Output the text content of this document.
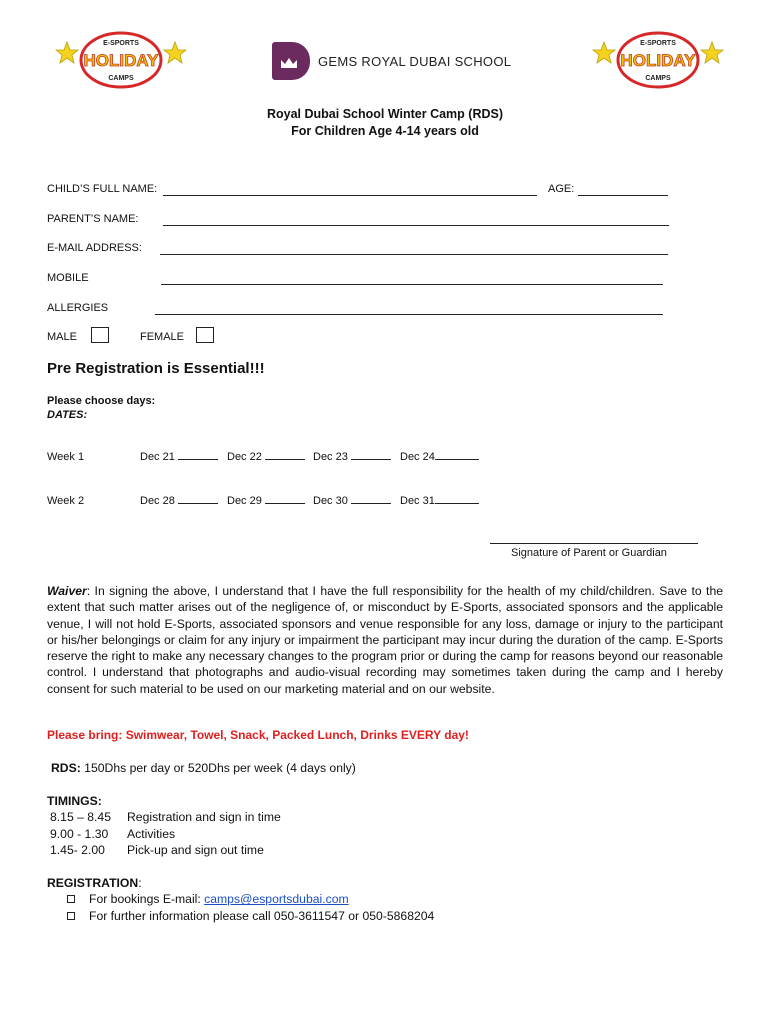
E-SPORTS
HOLIDAY
CAMPS
GEMS ROYAL DUBAI SCHOOL
E-SPORTS
HOLIDAY
CAMPS
Royal Dubai School Winter Camp (RDS)
For Children Age 4-14 years old
CHILD’S FULL NAME:	AGE:
PARENT’S NAME:
E-MAIL ADDRESS:
MOBILE
ALLERGIES
MALE	FEMALE
Pre Registration is Essential!!!
Please choose days:
DATES:
Week 1	Dec 21	Dec 22	Dec 23	Dec 24
Week 2	Dec 28	Dec 29	Dec 30	Dec 31
Signature of Parent or Guardian
Waiver: In signing the above, I understand that I have the full responsibility for the health of my child/children. Save to the extent that such matter arises out of the negligence of, or misconduct by E-Sports, associated sponsors and the applicable venue, I will not hold E-Sports, associated sponsors and venue responsible for any loss, damage or injury to the participant or his/her belongings or claim for any injury or impairment the participant may incur during the duration of the camp. E-Sports reserve the right to make any necessary changes to the program prior or during the camp for reasons beyond our reasonable control. I understand that photographs and audio-visual recording may sometimes taken during the camp and I hereby consent for such material to be used on our marketing material and on our website.
Please bring: Swimwear, Towel, Snack, Packed Lunch, Drinks EVERY day!
RDS: 150Dhs per day or 520Dhs per week (4 days only)
TIMINGS:
8.15 – 8.45	Registration and sign in time
9.00 - 1.30	Activities
1.45- 2.00	Pick-up and sign out time
REGISTRATION:
For bookings E-mail:
camps@esportsdubai.com
For further information please call 050-3611547 or 050-5868204
